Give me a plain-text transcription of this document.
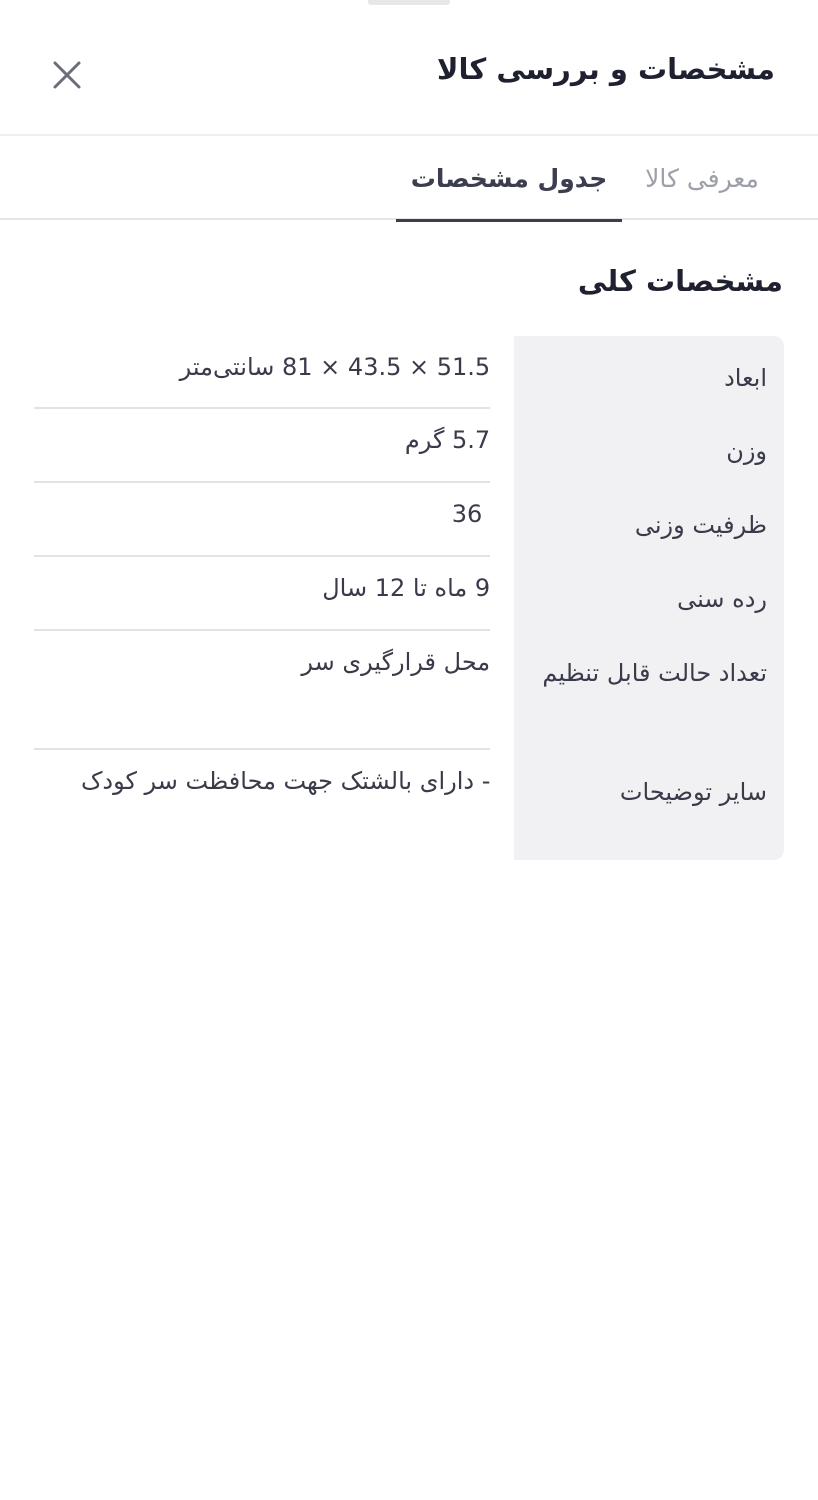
مشخصات و بررسی کالا
معرفی کالا
جدول مشخصات
مشخصات کلی
ابعاد
51.5 × 43.5 × 81 سانتی‌متر
وزن
5.7 گرم
ظرفیت وزنی
36
رده سنی
9 ماه تا 12 سال
تعداد حالت قابل تنظیم
محل قرارگیری سر
سایر توضیحات
- دارای بالشتک جهت محافظت سر کودک
